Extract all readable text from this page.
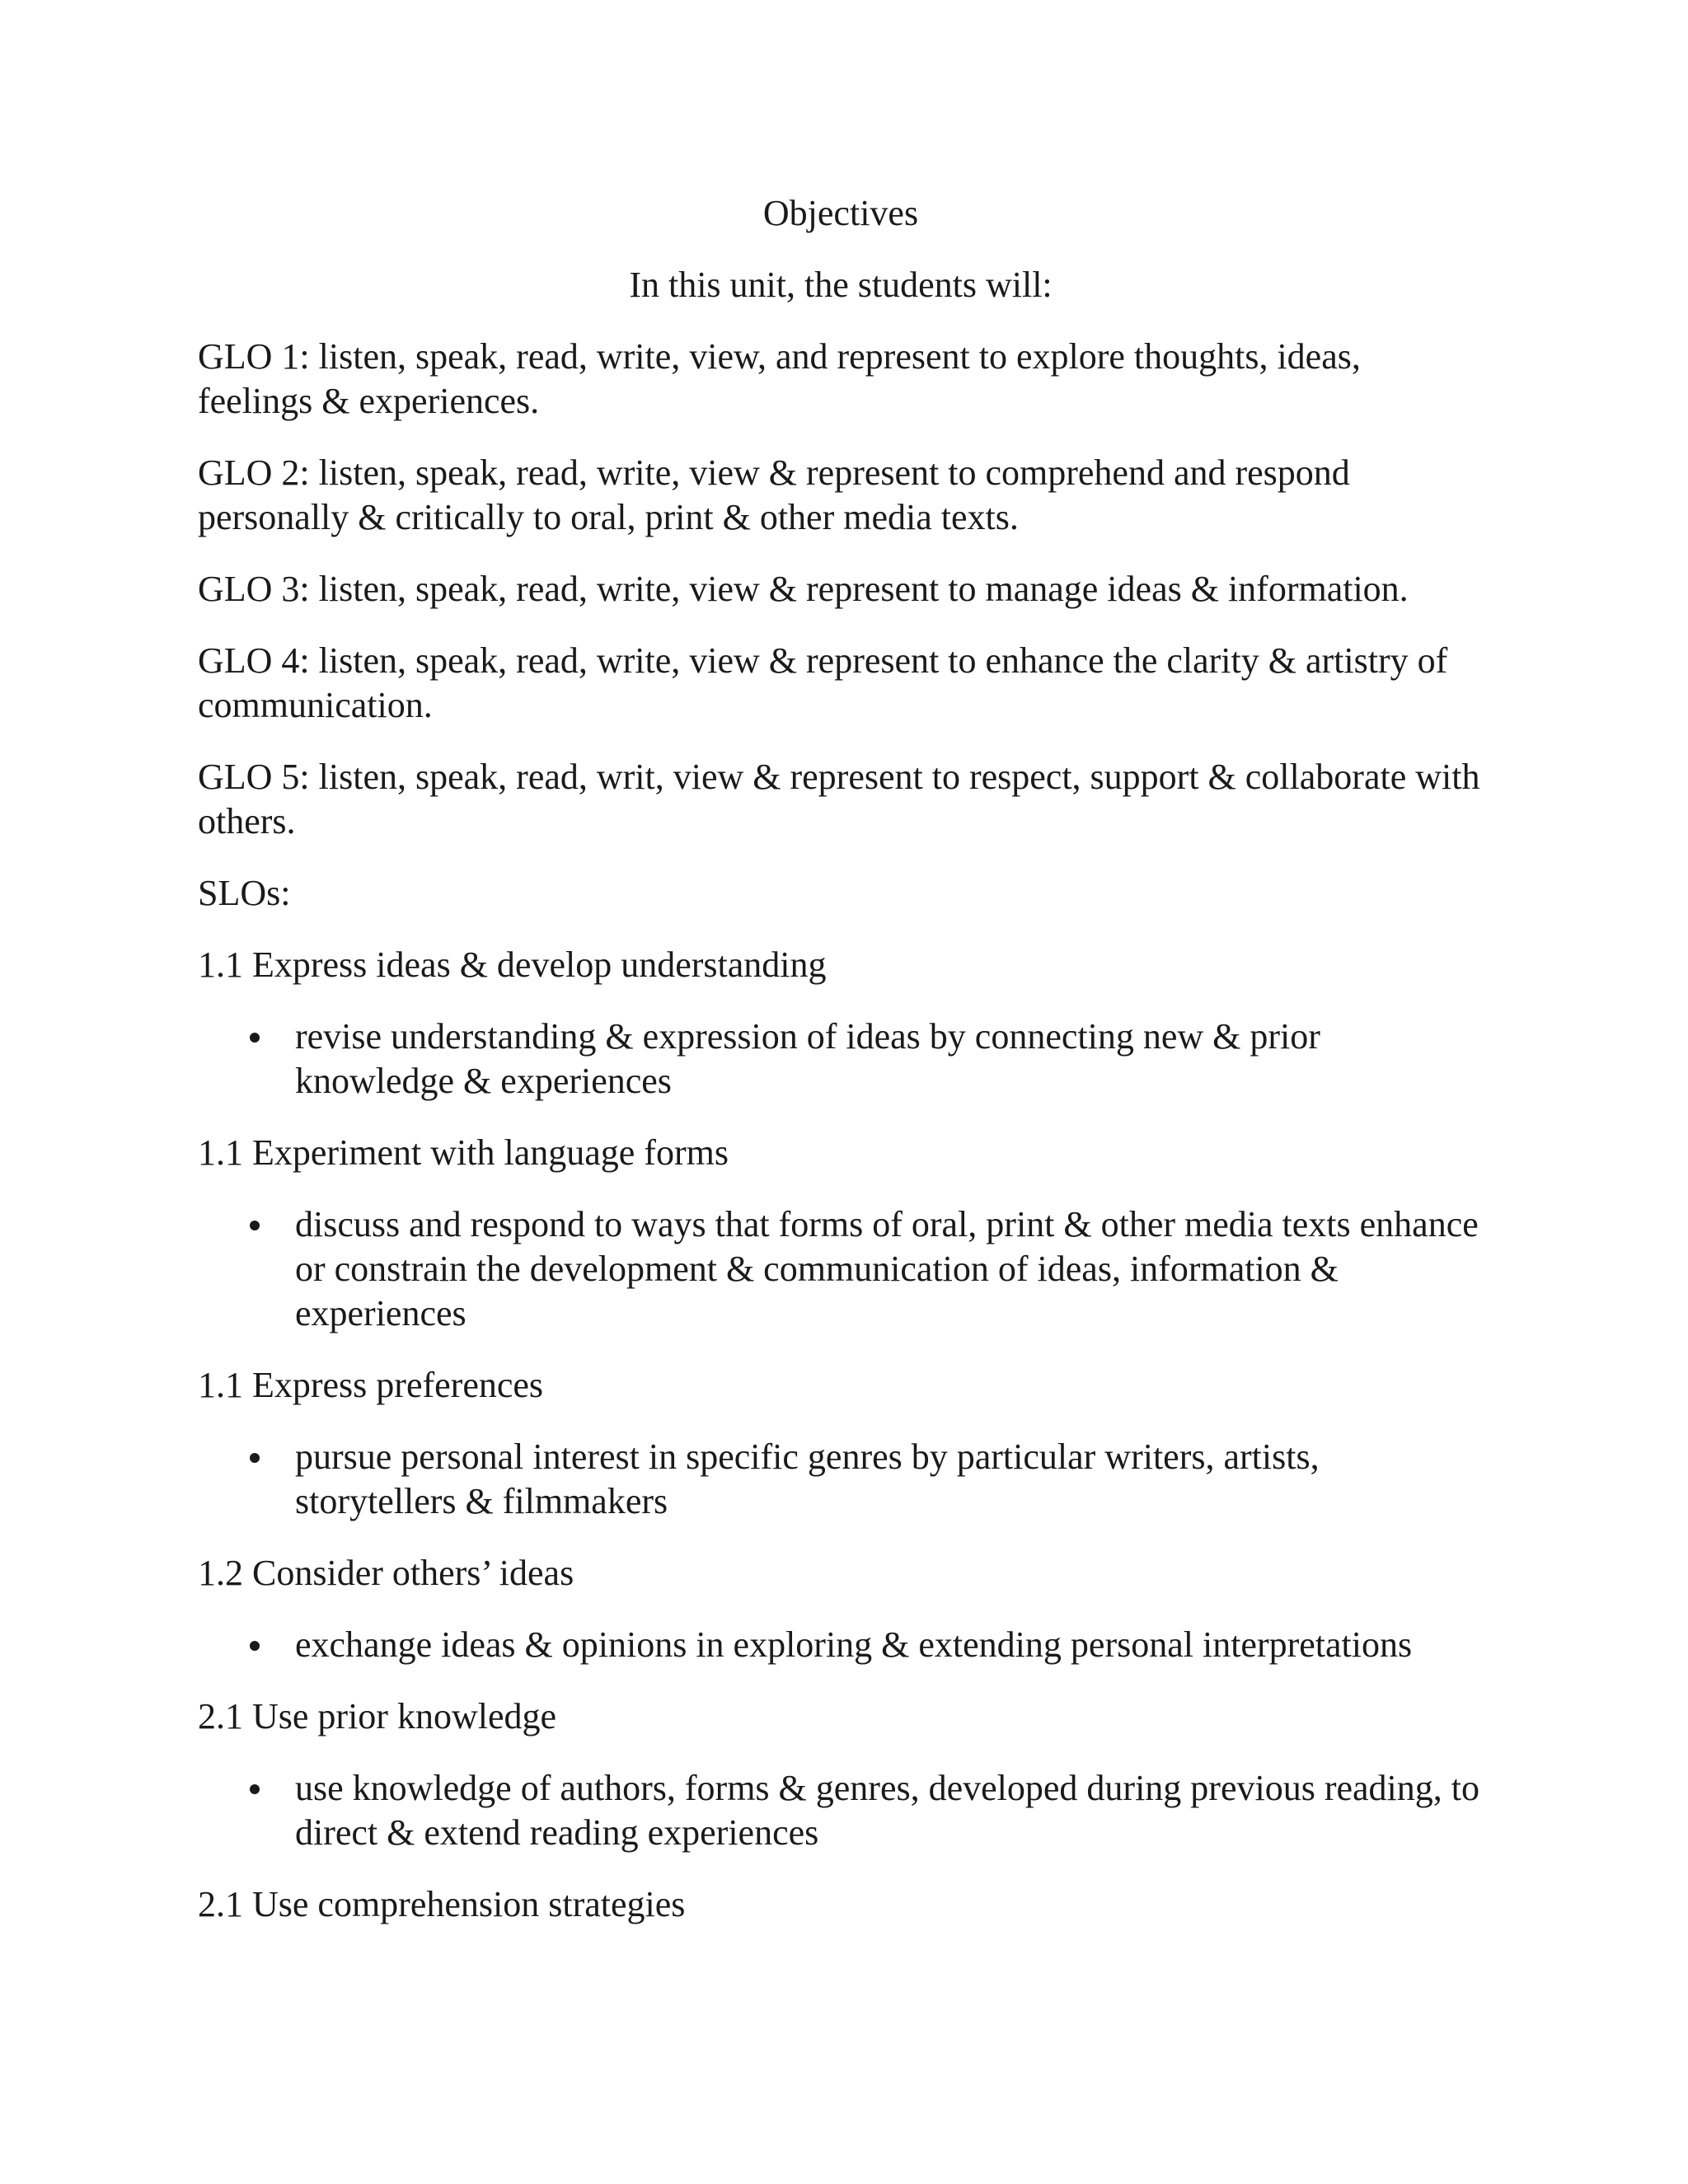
Objectives

In this unit, the students will:

GLO 1: listen, speak, read, write, view, and represent to explore thoughts, ideas, feelings & experiences.

GLO 2: listen, speak, read, write, view & represent to comprehend and respond personally & critically to oral, print & other media texts.

GLO 3: listen, speak, read, write, view & represent to manage ideas & information.

GLO 4: listen, speak, read, write, view & represent to enhance the clarity & artistry of communication.

GLO 5: listen, speak, read, writ, view & represent to respect, support & collaborate with others.

SLOs:

1.1 Express ideas & develop understanding

revise understanding & expression of ideas by connecting new & prior knowledge & experiences

1.1 Experiment with language forms

discuss and respond to ways that forms of oral, print & other media texts enhance or constrain the development & communication of ideas, information & experiences

1.1 Express preferences

pursue personal interest in specific genres by particular writers, artists, storytellers & filmmakers

1.2 Consider others’ ideas

exchange ideas & opinions in exploring & extending personal interpretations

2.1 Use prior knowledge

use knowledge of authors, forms & genres, developed during previous reading, to direct & extend reading experiences

2.1 Use comprehension strategies
